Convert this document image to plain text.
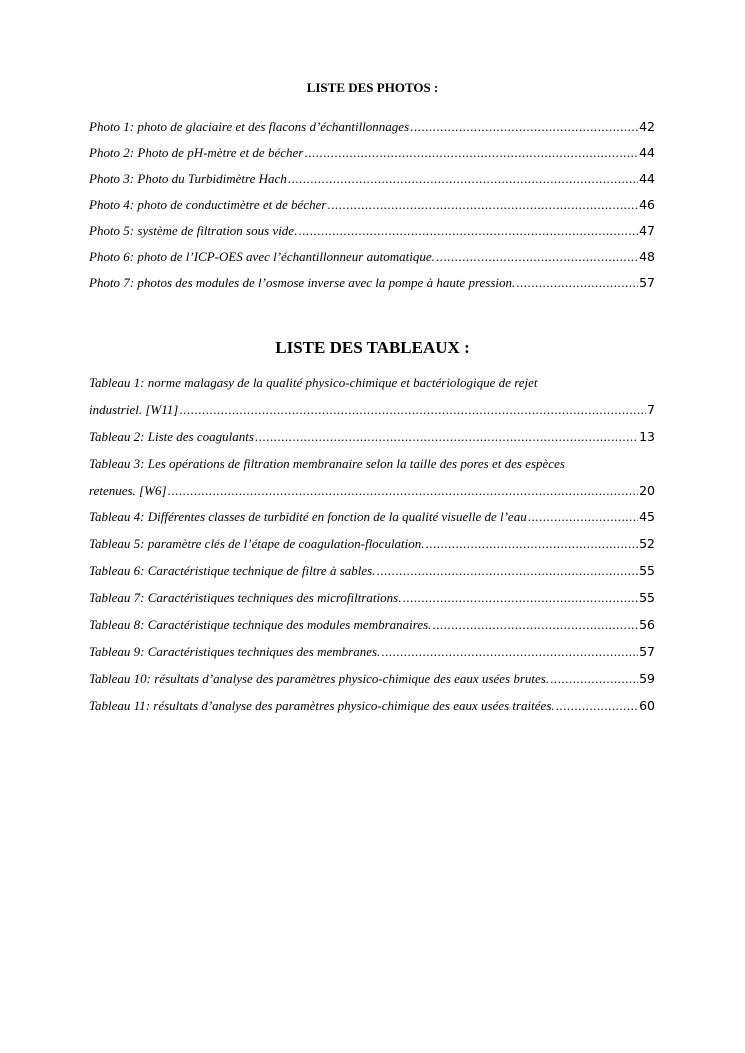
LISTE DES PHOTOS :
Photo 1: photo de glaciaire et des flacons d’échantillonnages .....	42
Photo 2: Photo de pH-mètre et de bécher .....	44
Photo 3: Photo du Turbidimètre Hach .....	44
Photo 4: photo de conductimètre et de bécher .....	46
Photo 5: système de filtration sous vide. .....	47
Photo 6: photo de l’ICP-OES avec l’échantillonneur automatique. .....	48
Photo 7: photos des modules de l’osmose inverse avec la pompe à haute pression. .....	57
LISTE DES TABLEAUX :
Tableau 1: norme malagasy de la qualité physico-chimique et bactériologique de rejet
industriel. [W11] .....	7
Tableau 2: Liste des coagulants .....	13
Tableau 3: Les opérations de filtration membranaire selon la taille des pores et des espèces
retenues. [W6] .....	20
Tableau 4: Différentes classes de turbidité en fonction de la qualité visuelle de l’eau .....	45
Tableau 5: paramètre clés de l’étape de coagulation-floculation. .....	52
Tableau 6: Caractéristique technique de filtre à sables. .....	55
Tableau 7: Caractéristiques techniques des microfiltrations. .....	55
Tableau 8: Caractéristique technique des modules membranaires. .....	56
Tableau 9: Caractéristiques techniques des membranes. .....	57
Tableau 10: résultats d’analyse des paramètres physico-chimique des eaux usées brutes. .....	59
Tableau 11: résultats d’analyse des paramètres physico-chimique des eaux usées traitées. .....	60
